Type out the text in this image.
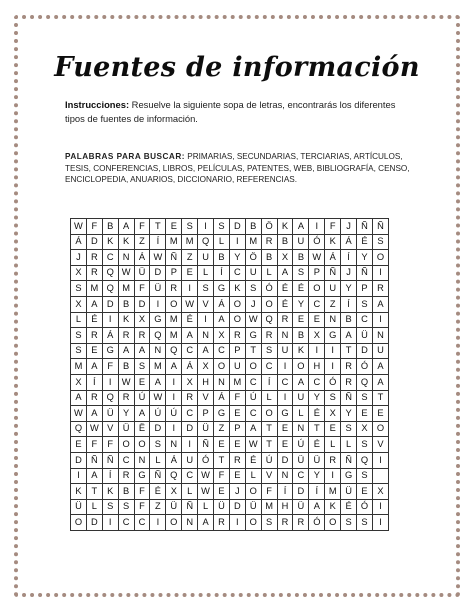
Fuentes de información
Instrucciones: Resuelve la siguiente sopa de letras, encontrarás los diferentes tipos de fuentes de información.
PALABRAS PARA BUSCAR: PRIMARIAS, SECUNDARIAS, TERCIARIAS, ARTÍCULOS, TESIS, CONFERENCIAS, LIBROS, PELÍCULAS, PATENTES, WEB, BIBLIOGRAFÍA, CENSO, ENCICLOPEDIA, ANUARIOS, DICCIONARIO, REFERENCIAS.
W	F	B	A	F	T	E	S	I	S	D	B	Ö	K	A	I	F	J	Ñ	Ñ
Á	D	K	K	Z	Í	M	M	Q	L	I	M	R	B	U	Ó	K	Á	É	S
J	R	C	N	Á	W	Ñ	Z	U	B	Y	Ö	B	X	B	W	Á	Í	Y	O
X	R	Q	W	Ü	D	P	E	L	Í	C	U	L	A	S	P	Ñ	J	Ñ	I
S	M	Q	M	F	Ü	R	I	S	G	K	S	Ó	É	É	O	U	Y	P	R
X	A	D	B	D	I	O	W	V	Á	O	J	O	É	Y	C	Z	Í	S	A
L	É	I	K	X	G	M	É	I	A	O	W	Q	R	E	E	N	B	C	I
S	R	Á	R	R	Q	M	A	N	X	R	G	R	N	B	X	G	A	Ü	N
S	E	G	A	A	N	Q	C	A	C	P	T	S	U	K	I	I	T	D	U
M	A	F	B	S	M	A	Á	X	O	U	O	C	I	O	H	I	R	Ó	A
X	Í	I	W	E	A	I	X	H	N	M	C	Í	C	A	C	Ó	R	Q	A
A	R	Q	R	Ú	W	I	R	V	Á	F	Ú	L	I	U	Y	S	Ñ	S	T
W	A	Ü	Y	A	Ú	Ú	C	P	G	E	C	O	G	L	É	X	Y	E	E
Q	W	V	Ü	Ë	D	I	D	Ü	Z	P	A	T	E	N	T	E	S	X	O
E	F	F	O	O	S	N	I	Ñ	E	E	W	T	E	Ú	É	L	L	S	V
D	Ñ	Ñ	C	N	L	Á	U	Ó	T	R	É	Ú	D	Ü	Ü	R	Ñ	Q	I
I	A	Í	R	G	Ñ	Q	C	W	F	E	L	V	N	C	Y	I	G	S	
K	T	K	B	F	É	X	L	W	E	J	O	F	Í	D	Í	M	Ü	E	X
Ü	L	S	S	F	Z	Ü	Ñ	L	Ü	D	Ü	M	H	Ü	A	K	É	Ó	I
O	D	I	C	C	I	O	N	A	R	I	O	S	R	R	Ó	O	S	S	I
